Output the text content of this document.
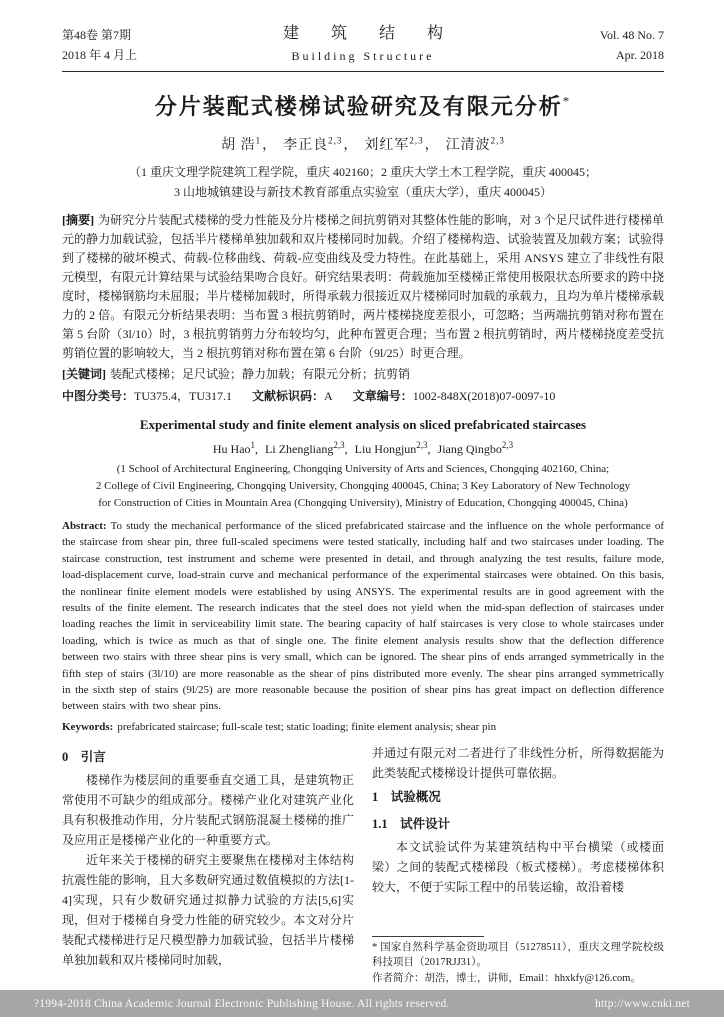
第48卷 第7期
2018 年 4 月上
建 筑 结 构
Building Structure
Vol. 48 No. 7
Apr. 2018
分片装配式楼梯试验研究及有限元分析*
胡 浩$^1$， 李正良$^{2,3}$， 刘红军$^{2,3}$， 江清波$^{2,3}$
（1 重庆文理学院建筑工程学院，重庆 402160；2 重庆大学土木工程学院，重庆 400045；
3 山地城镇建设与新技术教育部重点实验室（重庆大学），重庆 400045）

[摘要] 为研究分片装配式楼梯的受力性能及分片楼梯之间抗剪销对其整体性能的影响，对 3 个足尺试件进行楼梯单元的静力加载试验，包括半片楼梯单独加载和双片楼梯同时加载。介绍了楼梯构造、试验装置及加载方案；试验得到了楼梯的破坏模式、荷载-位移曲线、荷载-应变曲线及受力特性。在此基础上，采用 ANSYS 建立了非线性有限元模型，有限元计算结果与试验结果吻合良好。研究结果表明：荷载施加至楼梯正常使用极限状态所要求的跨中挠度时，楼梯钢筋均未屈服；半片楼梯加载时，所得承载力很接近双片楼梯同时加载的承载力，且均为单片楼梯承载力的 2 倍。有限元分析结果表明：当布置 3 根抗剪销时，两片楼梯挠度差很小，可忽略；当两端抗剪销对称布置在第 5 台阶（3l/10）时，3 根抗剪销剪力分布较均匀，此种布置更合理；当布置 2 根抗剪销时，两片楼梯挠度差受抗剪销位置的影响较大，当 2 根抗剪销对称布置在第 6 台阶（9l/25）时更合理。

[关键词] 装配式楼梯；足尺试验；静力加载；有限元分析；抗剪销

中图分类号：TU375.4，TU317.1 文献标识码：A 文章编号：1002-848X(2018)07-0097-10

Experimental study and finite element analysis on sliced prefabricated staircases
Hu Hao$^1$, Li Zhengliang$^{2,3}$, Liu Hongjun$^{2,3}$, Jiang Qingbo$^{2,3}$
(1 School of Architectural Engineering, Chongqing University of Arts and Sciences, Chongqing 402160, China;
2 College of Civil Engineering, Chongqing University, Chongqing 400045, China; 3 Key Laboratory of New Technology
for Construction of Cities in Mountain Area (Chongqing University), Ministry of Education, Chongqing 400045, China)

Abstract: To study the mechanical performance of the sliced prefabricated staircase and the influence on the whole performance of the staircase from shear pin, three full-scaled specimens were tested statically, including half and two staircases under loading. The staircase construction, test instrument and scheme were presented in detail, and through analyzing the test results, failure mode, load-displacement curve, load-strain curve and mechanical performance of the experimental staircases were obtained. On this basis, the nonlinear finite element models were established by using ANSYS. The experimental results are in good agreement with the results of the finite element. The research indicates that the steel does not yield when the mid-span deflection of staircases under loading reaches the limit in serviceability limit state. The bearing capacity of half staircases is very close to whole staircases under loading, which is twice as much as that of single one. The finite element analysis results show that the deflection difference between two stairs with three shear pins is very small, which can be ignored. The shear pins of ends arranged symmetrically in the fifth step of stairs (3l/10) are more reasonable as the shear of pins distributed more evenly. The shear pins arranged symmetrically in the sixth step of stairs (9l/25) are more reasonable because the position of shear pins has great impact on deflection difference between stairs with two shear pins.

Keywords: prefabricated staircase; full-scale test; static loading; finite element analysis; shear pin

0　引言

楼梯作为楼层间的重要垂直交通工具，是建筑物正常使用不可缺少的组成部分。楼梯产业化对建筑产业化具有积极推动作用，分片装配式钢筋混凝土楼梯的推广及应用正是楼梯产业化的一种重要方式。

近年来关于楼梯的研究主要聚焦在楼梯对主体结构抗震性能的影响，且大多数研究通过数值模拟的方法[1-4]实现，只有少数研究通过拟静力试验的方法[5,6]实现，但对于楼梯自身受力性能的研究较少。本文对分片装配式楼梯进行足尺模型静力加载试验，包括半片楼梯单独加载和双片楼梯同时加载，

并通过有限元对二者进行了非线性分析，所得数据能为此类装配式楼梯设计提供可靠依据。

1　试验概况
1.1　试件设计

本文试验试件为某建筑结构中平台横梁（或楼面梁）之间的装配式楼梯段（板式楼梯）。考虑楼梯体积较大，不便于实际工程中的吊装运输，故沿着楼

* 国家自然科学基金资助项目（51278511），重庆文理学院校级科技项目（2017RJJ31）。

作者简介：胡浩，博士，讲师，Email：hhxkfy@126.com。

?1994-2018 China Academic Journal Electronic Publishing House. All rights reserved.	http://www.cnki.net
